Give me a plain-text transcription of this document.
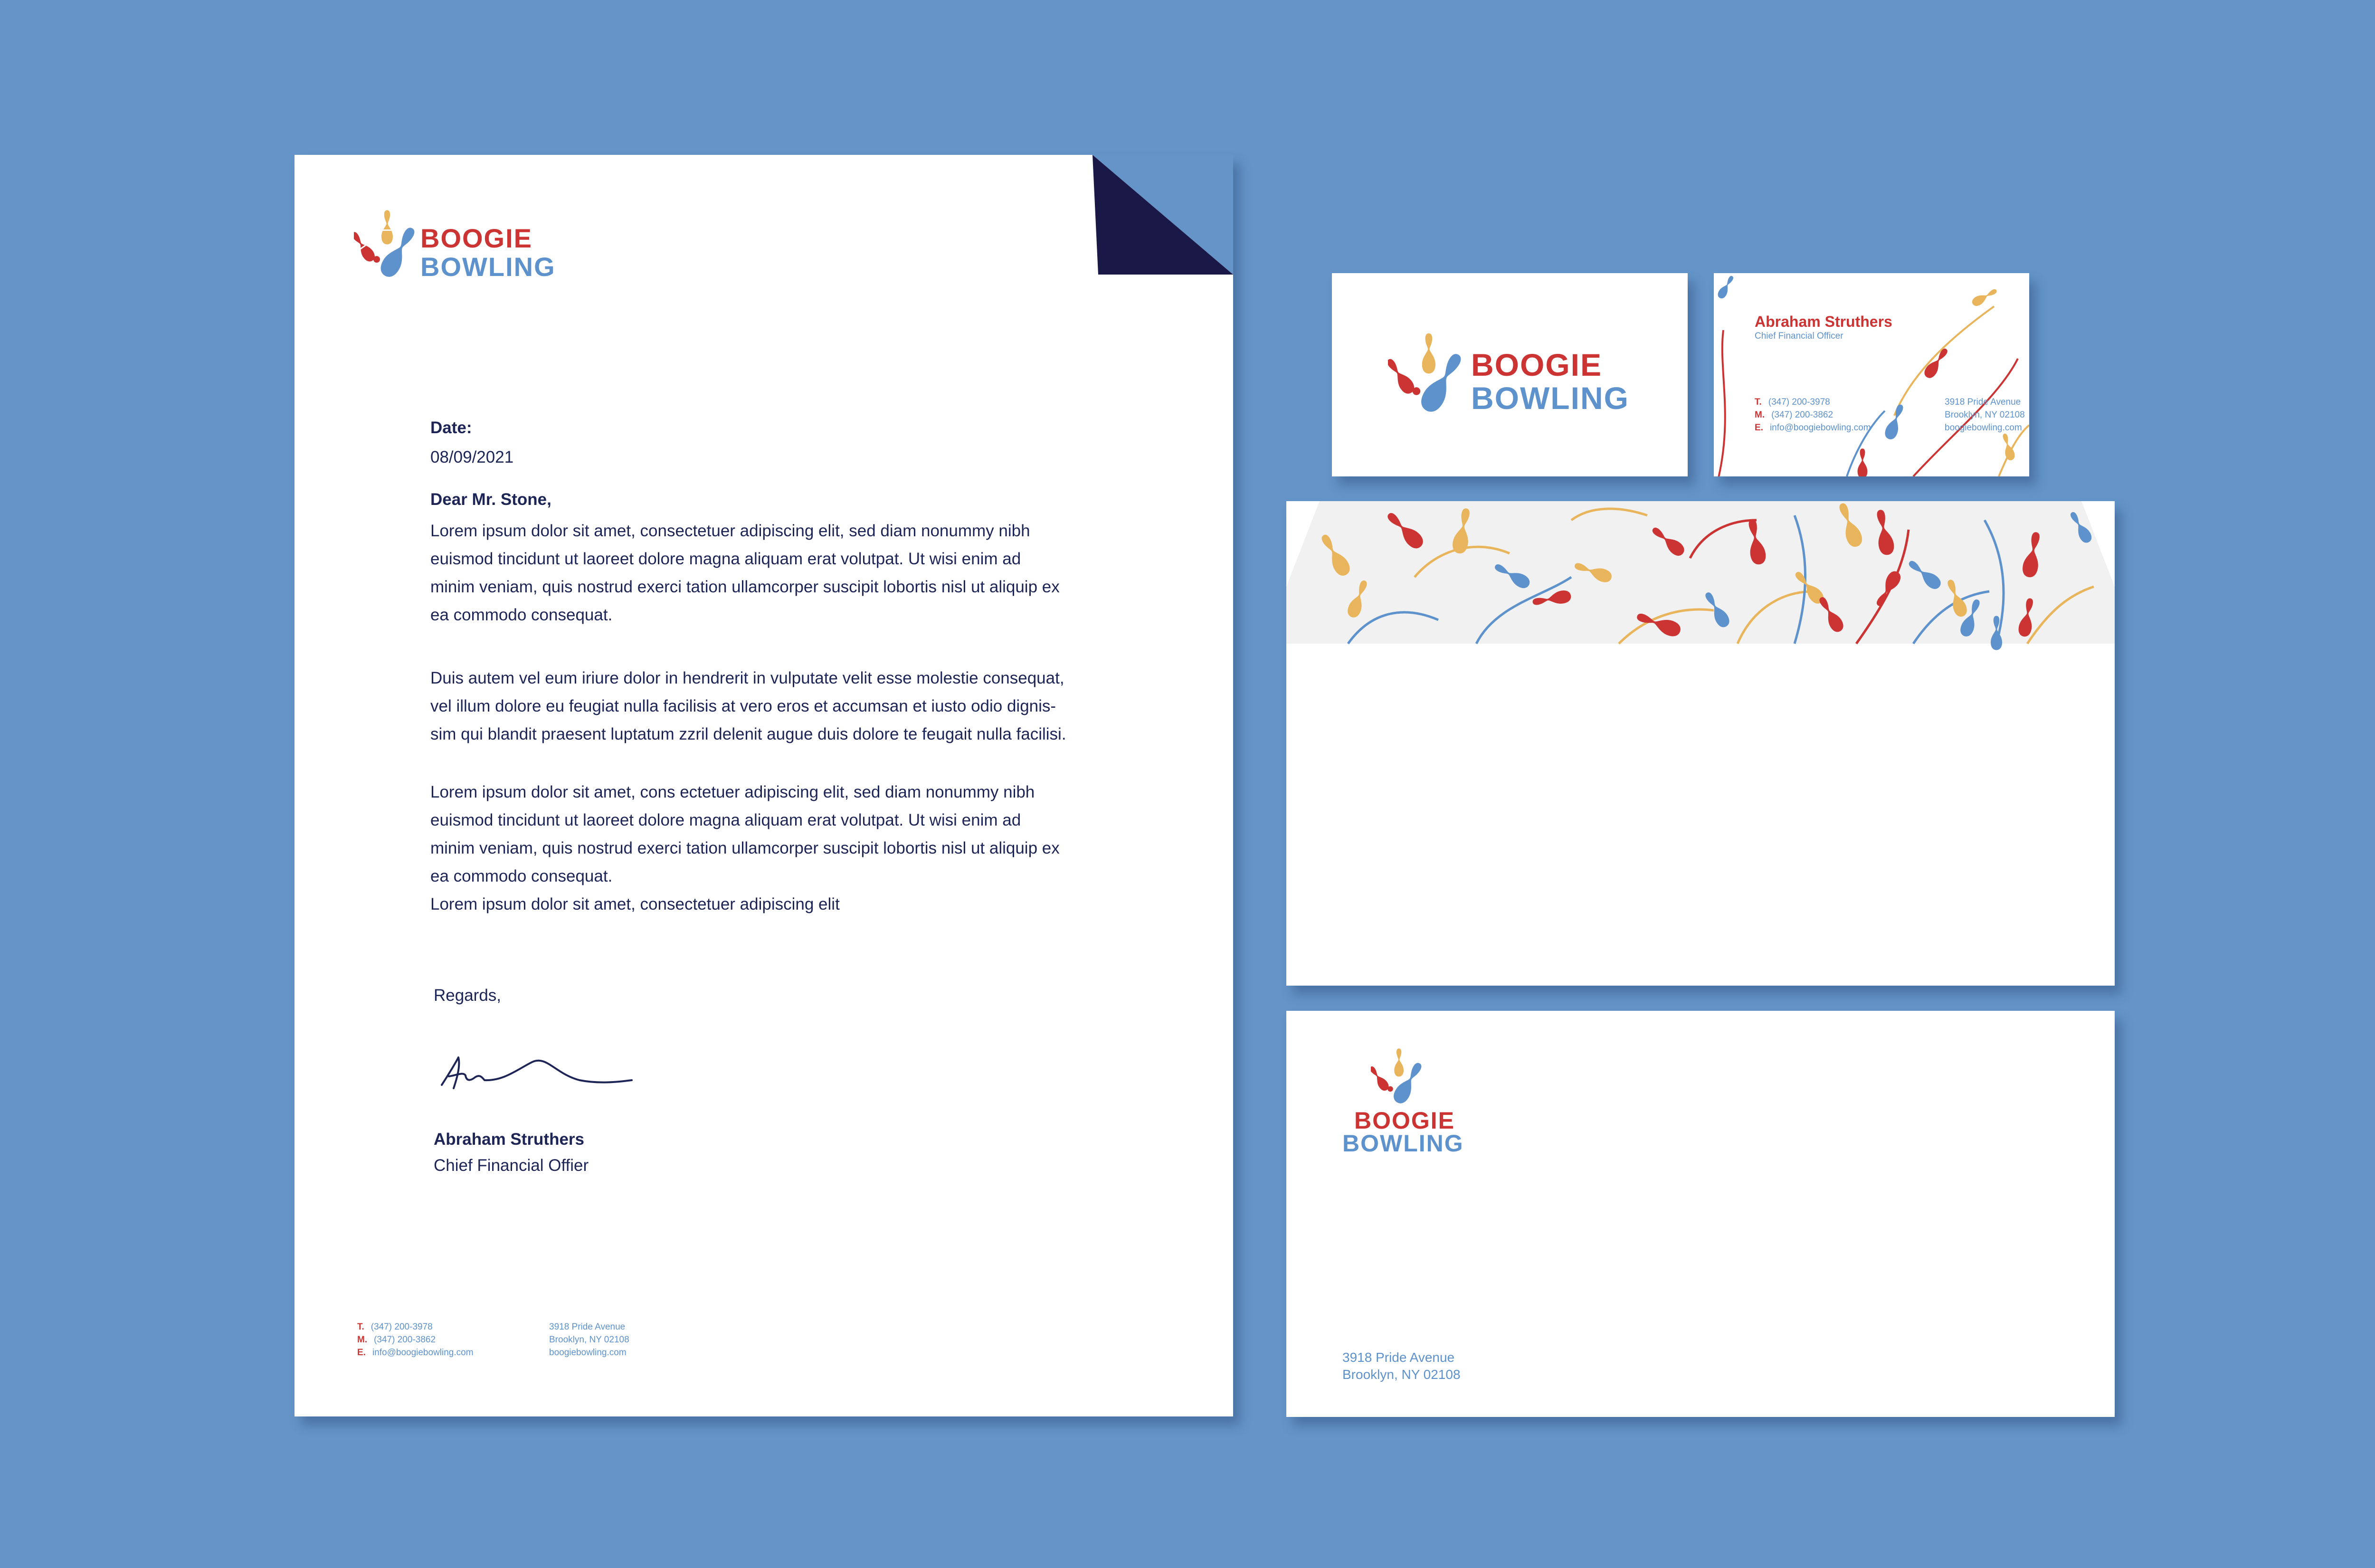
BOOGIE
BOWLING
Date:
08/09/2021
Dear Mr. Stone,
Lorem ipsum dolor sit amet, consectetuer adipiscing elit, sed diam nonummy nibh
euismod tincidunt ut laoreet dolore magna aliquam erat volutpat. Ut wisi enim ad
minim veniam, quis nostrud exerci tation ullamcorper suscipit lobortis nisl ut aliquip ex
ea commodo consequat.
Duis autem vel eum iriure dolor in hendrerit in vulputate velit esse molestie consequat,
vel illum dolore eu feugiat nulla facilisis at vero eros et accumsan et iusto odio dignis-
sim qui blandit praesent luptatum zzril delenit augue duis dolore te feugait nulla facilisi.
Lorem ipsum dolor sit amet, cons ectetuer adipiscing elit, sed diam nonummy nibh
euismod tincidunt ut laoreet dolore magna aliquam erat volutpat. Ut wisi enim ad
minim veniam, quis nostrud exerci tation ullamcorper suscipit lobortis nisl ut aliquip ex
ea commodo consequat.
Lorem ipsum dolor sit amet, consectetuer adipiscing elit
Regards,
Abraham Struthers
Chief Financial Offier
T. (347) 200-3978
M. (347) 200-3862
E. info@boogiebowling.com
3918 Pride Avenue
Brooklyn, NY 02108
boogiebowling.com
BOOGIE
BOWLING
Abraham Struthers
Chief Financial Officer
T. (347) 200-3978
M. (347) 200-3862
E. info@boogiebowling.com
3918 Pride Avenue
Brooklyn, NY 02108
boogiebowling.com
BOOGIE
BOWLING
3918 Pride Avenue
Brooklyn, NY 02108
